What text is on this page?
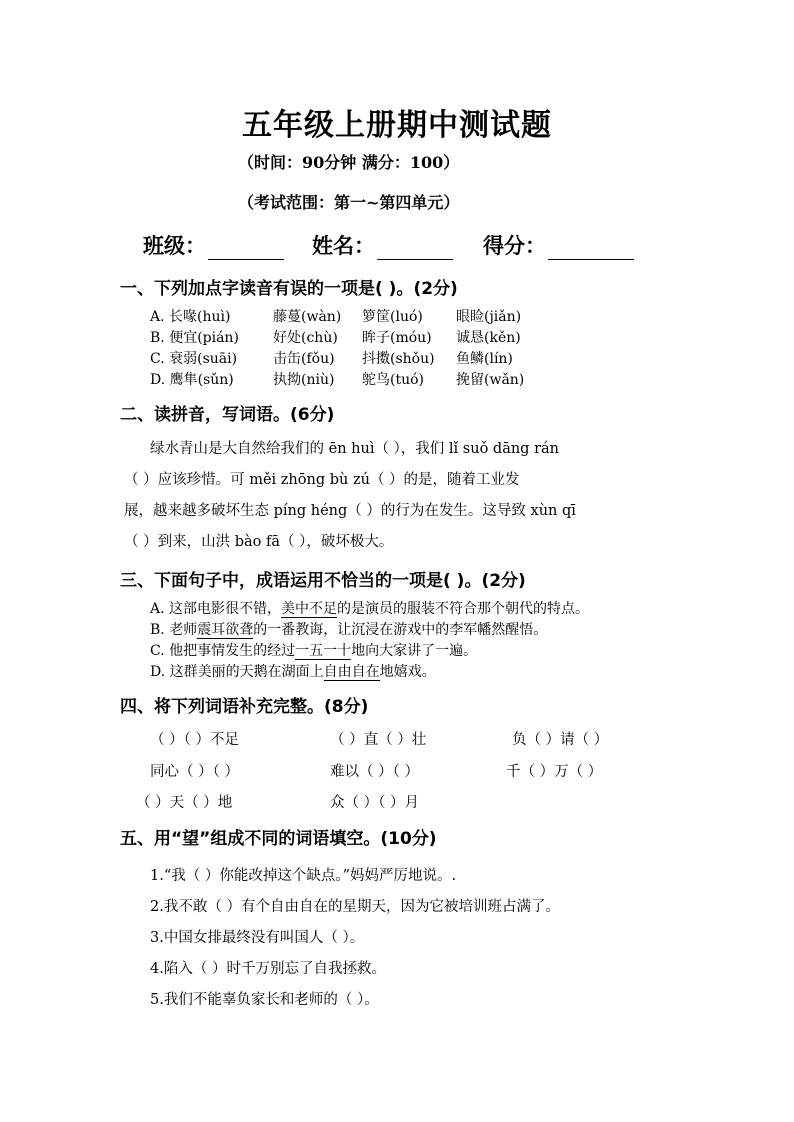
五年级上册期中测试题
（时间：90分钟 满分：100）
（考试范围：第一~第四单元）
班级：	姓名：	得分：
一、下列加点字读音有误的一项是( )。(2分)
A. 长喙(huì)	藤蔓(wàn) 箩筐(luó) 眼睑(jiǎn)
B. 便宜(pián) 好处(chù) 眸子(móu) 诚恳(kěn)
C. 衰弱(suāi)	击缶(fǒu) 抖擞(shǒu) 鱼鳞(lín)
D. 鹰隼(sǔn)	执拗(niù) 鸵鸟(tuó) 挽留(wǎn)
二、读拼音，写词语。(6分)
绿水青山是大自然给我们的 ēn huì（ ），我们 lǐ suǒ dāng rán
（ ）应该珍惜。可 měi zhōng bù zú（ ）的是，随着工业发
展，越来越多破坏生态 píng héng（ ）的行为在发生。这导致 xùn qī
（ ）到来，山洪 bào fā（ ），破坏极大。
三、下面句子中，成语运用不恰当的一项是( )。(2分)
A. 这部电影很不错，美中不足的是演员的服装不符合那个朝代的特点。
B. 老师震耳欲聋的一番教诲，让沉浸在游戏中的李军幡然醒悟。
C. 他把事情发生的经过一五一十地向大家讲了一遍。
D. 这群美丽的天鹅在湖面上自由自在地嬉戏。
四、将下列词语补充完整。(8分)
（ ）（ ）不足	（ ）直（ ）壮	负（ ）请（ ）
同心（ ）（ ）	难以（ ）（ ）	千（ ）万（ ）
（ ）天（ ）地	众（ ）（ ）月
五、用“望”组成不同的词语填空。(10分)
1.“我（ ）你能改掉这个缺点。”妈妈严厉地说。.
2.我不敢（ ）有个自由自在的星期天，因为它被培训班占满了。
3.中国女排最终没有叫国人（ ）。
4.陷入（ ）时千万别忘了自我拯救。
5.我们不能辜负家长和老师的（ ）。
